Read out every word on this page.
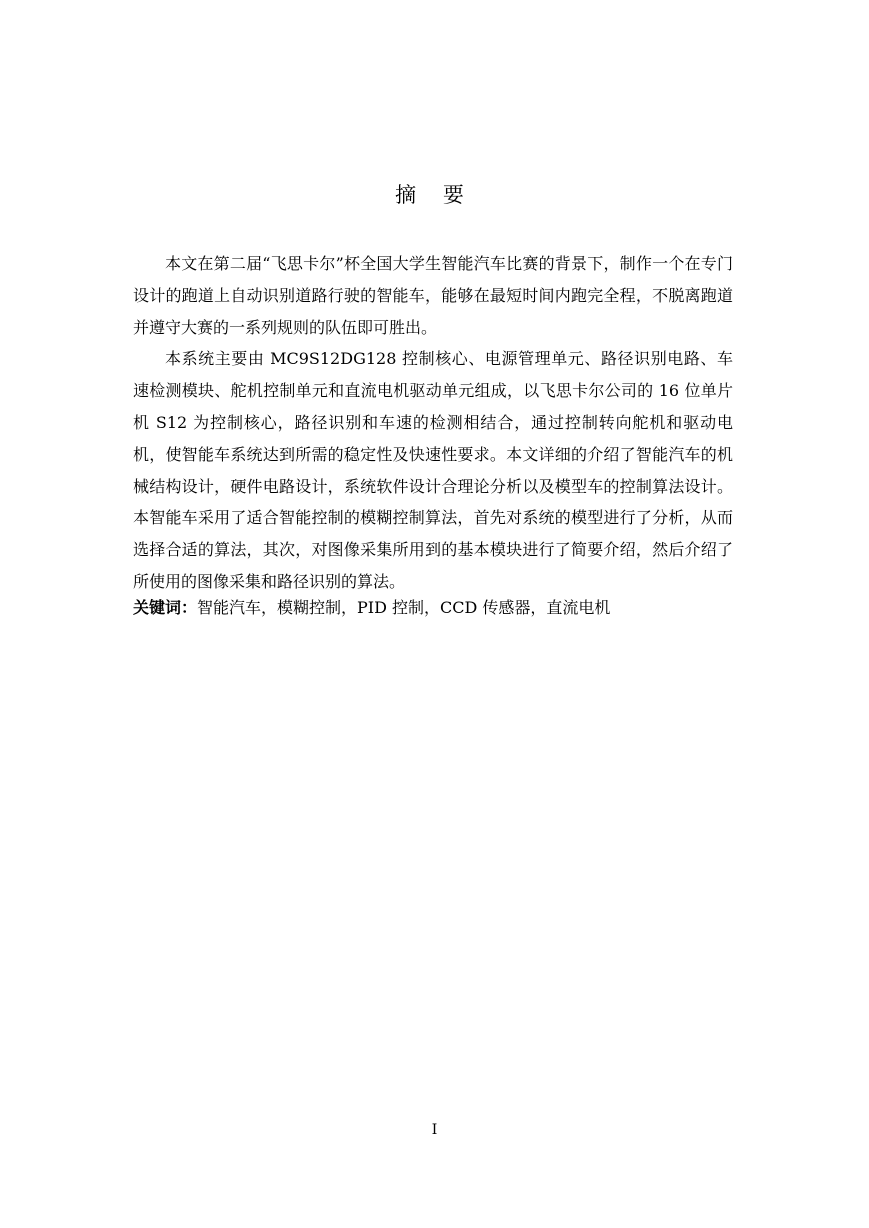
摘 要

本文在第二届“飞思卡尔”杯全国大学生智能汽车比赛的背景下，制作一个在专门设计的跑道上自动识别道路行驶的智能车，能够在最短时间内跑完全程，不脱离跑道并遵守大赛的一系列规则的队伍即可胜出。

本系统主要由 MC9S12DG128 控制核心、电源管理单元、路径识别电路、车速检测模块、舵机控制单元和直流电机驱动单元组成，以飞思卡尔公司的 16 位单片机 S12 为控制核心，路径识别和车速的检测相结合，通过控制转向舵机和驱动电机，使智能车系统达到所需的稳定性及快速性要求。本文详细的介绍了智能汽车的机械结构设计，硬件电路设计，系统软件设计合理论分析以及模型车的控制算法设计。本智能车采用了适合智能控制的模糊控制算法，首先对系统的模型进行了分析，从而选择合适的算法，其次，对图像采集所用到的基本模块进行了简要介绍，然后介绍了所使用的图像采集和路径识别的算法。

关键词：智能汽车，模糊控制，PID 控制，CCD 传感器，直流电机
I
